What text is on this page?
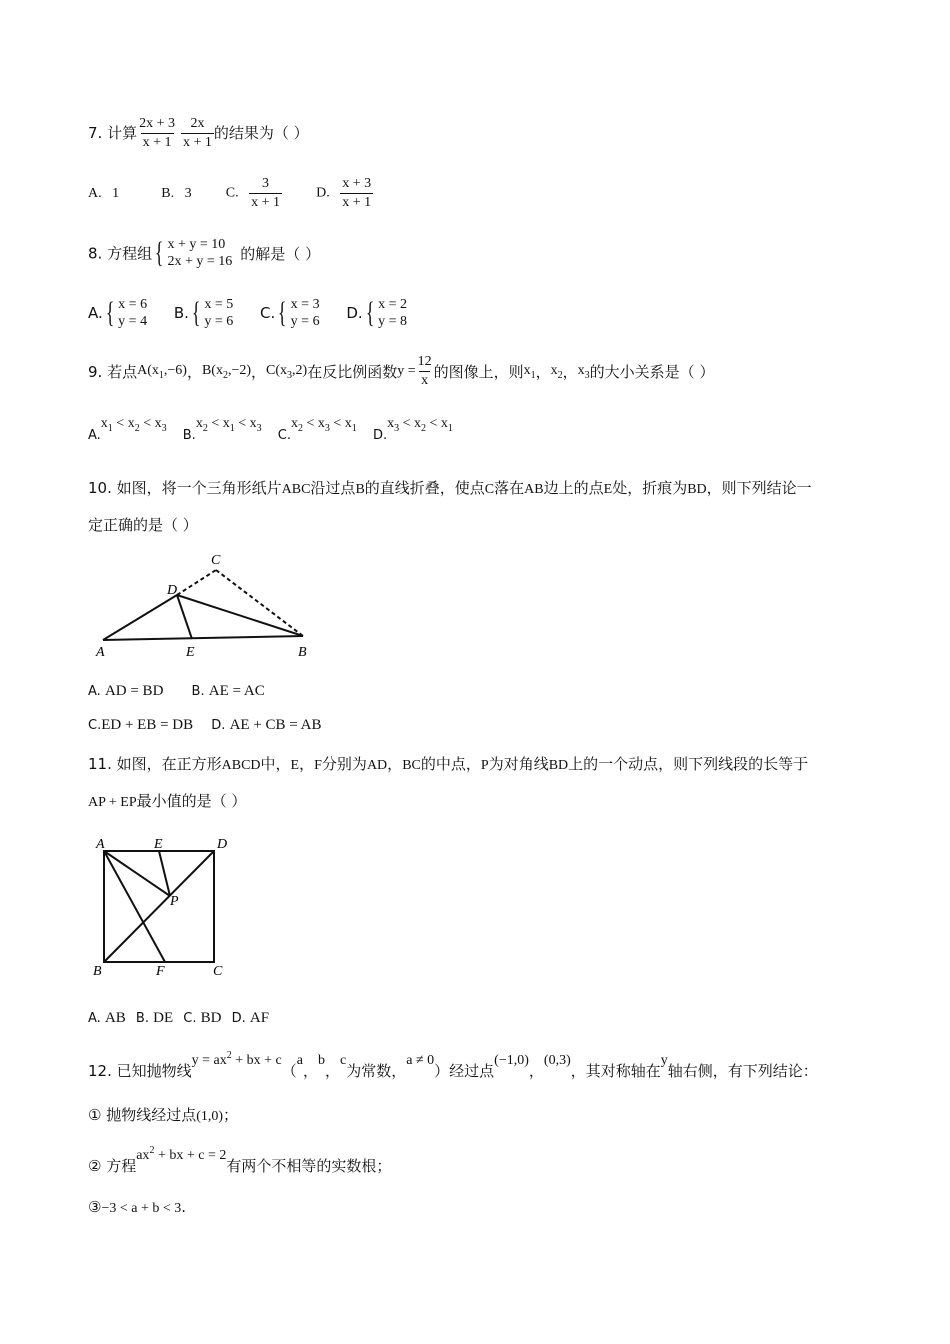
7. 计算 $\frac{2x + 3}{x + 1} \frac{2x}{x + 1}$ 的结果为（ ）
A. 1	B. 3 C. $\frac{3}{x + 1} D$. $\frac{x + 3}{x + 1}$
8. 方程组 { x + y = 10
2x + y = 16 的解是（ ）
A. { x = 6
y = 4
B. { x = 5
y = 6
C. { x = 3
y = 6
D. { x = 2
y = 8
9. 若点$A(x_1,-6)$，$B(x_2,-2)$，$C(x_3,2)$在反比例函数$y = \frac{12}{x}$ 的图像上，则$x_1$，$x_2$，$x_3$的大小关系是（ ）
$A.x_1 < x_2 < x_3$ $B.x_2 < x_1 < x_3$ $C.x_2 < x_3 < x_1$ $D.x_3 < x_2 < x_1$
10. 如图，将一个三角形纸片ABC沿过点B的直线折叠，使点C落在AB边上的点E处，折痕为BD，则下列结论一
定正确的是（ ）
C
D
A	E	B
A. AD = BD B. AE = AC
C.ED + EB = DB D. AE + CB = AB
11. 如图，在正方形ABCD中，E，F分别为AD，BC的中点，P为对角线BD上的一个动点，则下列线段的长等于
AP + EP最小值的是（ ）
A	E	D
P
B	F	C
A. AB B. DE C. BD D. AF
12. 已知抛物线$y = ax^2$ + bx + c（a，b，c为常数，a ≠ 0）经过点(−1,0)，(0,3)，其对称轴在y轴右侧，有下列结论：
① 抛物线经过点(1,0)；
② 方程$ax^2$ + bx + c = 2有两个不相等的实数根；
③−3 < a + b < 3.
